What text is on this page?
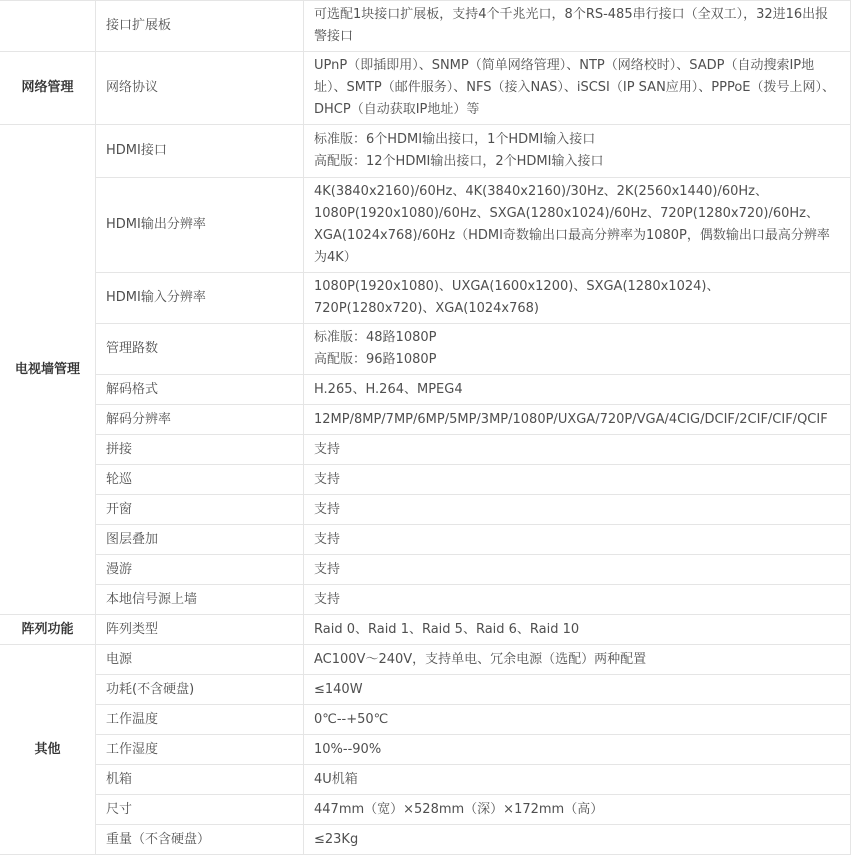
	接口扩展板	可选配1块接口扩展板，支持4个千兆光口，8个RS-485串行接口（全双工），32进16出报警接口
网络管理	网络协议	UPnP（即插即用）、SNMP（简单网络管理）、NTP（网络校时）、SADP（自动搜索IP地址）、SMTP（邮件服务）、NFS（接入NAS）、iSCSI（IP SAN应用）、PPPoE（拨号上网）、DHCP（自动获取IP地址）等
电视墙管理	HDMI接口	标准版：6个HDMI输出接口，1个HDMI输入接口
高配版：12个HDMI输出接口，2个HDMI输入接口

	HDMI输出分辨率	4K(3840x2160)/60Hz、4K(3840x2160)/30Hz、2K(2560x1440)/60Hz、1080P(1920x1080)/60Hz、SXGA(1280x1024)/60Hz、720P(1280x720)/60Hz、XGA(1024x768)/60Hz（HDMI奇数输出口最高分辨率为1080P，偶数输出口最高分辨率为4K）
	HDMI输入分辨率	1080P(1920x1080)、UXGA(1600x1200)、SXGA(1280x1024)、720P(1280x720)、XGA(1024x768)
	管理路数	标准版：48路1080P
高配版：96路1080P

	解码格式	H.265、H.264、MPEG4
	解码分辨率	12MP/8MP/7MP/6MP/5MP/3MP/1080P/UXGA/720P/VGA/4CIG/DCIF/2CIF/CIF/QCIF
	拼接	支持
	轮巡	支持
	开窗	支持
	图层叠加	支持
	漫游	支持
	本地信号源上墙	支持
阵列功能	阵列类型	Raid 0、Raid 1、Raid 5、Raid 6、Raid 10
其他	电源	AC100V～240V，支持单电、冗余电源（选配）两种配置
	功耗(不含硬盘)	≤140W
	工作温度	0℃--+50℃
	工作湿度	10%--90%
	机箱	4U机箱
	尺寸	447mm（宽）×528mm（深）×172mm（高）
	重量（不含硬盘）	≤23Kg
